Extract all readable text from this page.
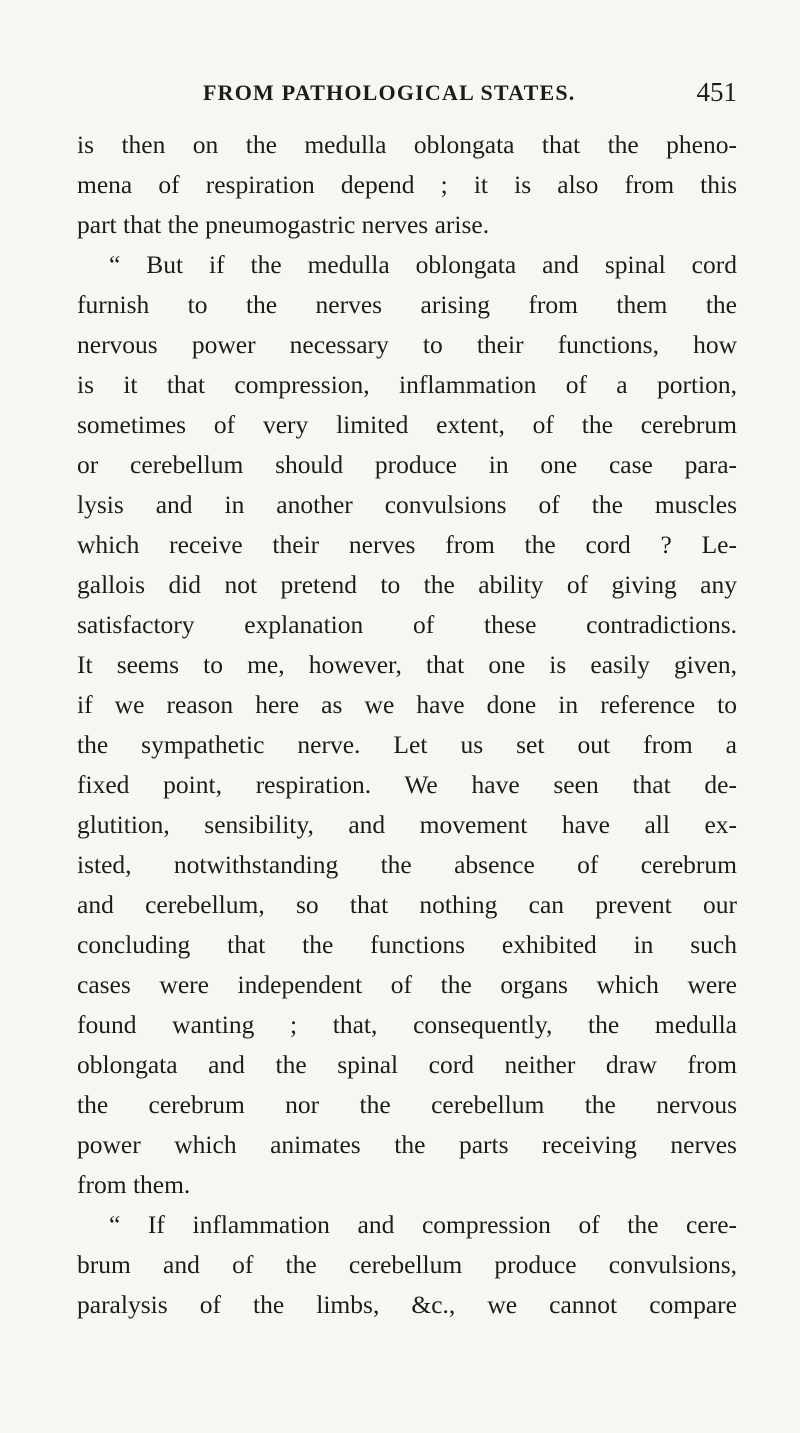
FROM PATHOLOGICAL STATES.	451
is then on the medulla oblongata that the pheno-
mena of respiration depend ; it is also from this
part that the pneumogastric nerves arise.
“ But if the medulla oblongata and spinal cord
furnish to the nerves arising from them the
nervous power necessary to their functions, how
is it that compression, inflammation of a portion,
sometimes of very limited extent, of the cerebrum
or cerebellum should produce in one case para-
lysis and in another convulsions of the muscles
which receive their nerves from the cord ? Le-
gallois did not pretend to the ability of giving any
satisfactory explanation of these contradictions.
It seems to me, however, that one is easily given,
if we reason here as we have done in reference to
the sympathetic nerve. Let us set out from a
fixed point, respiration. We have seen that de-
glutition, sensibility, and movement have all ex-
isted, notwithstanding the absence of cerebrum
and cerebellum, so that nothing can prevent our
concluding that the functions exhibited in such
cases were independent of the organs which were
found wanting ; that, consequently, the medulla
oblongata and the spinal cord neither draw from
the cerebrum nor the cerebellum the nervous
power which animates the parts receiving nerves
from them.
“ If inflammation and compression of the cere-
brum and of the cerebellum produce convulsions,
paralysis of the limbs, &c., we cannot compare
